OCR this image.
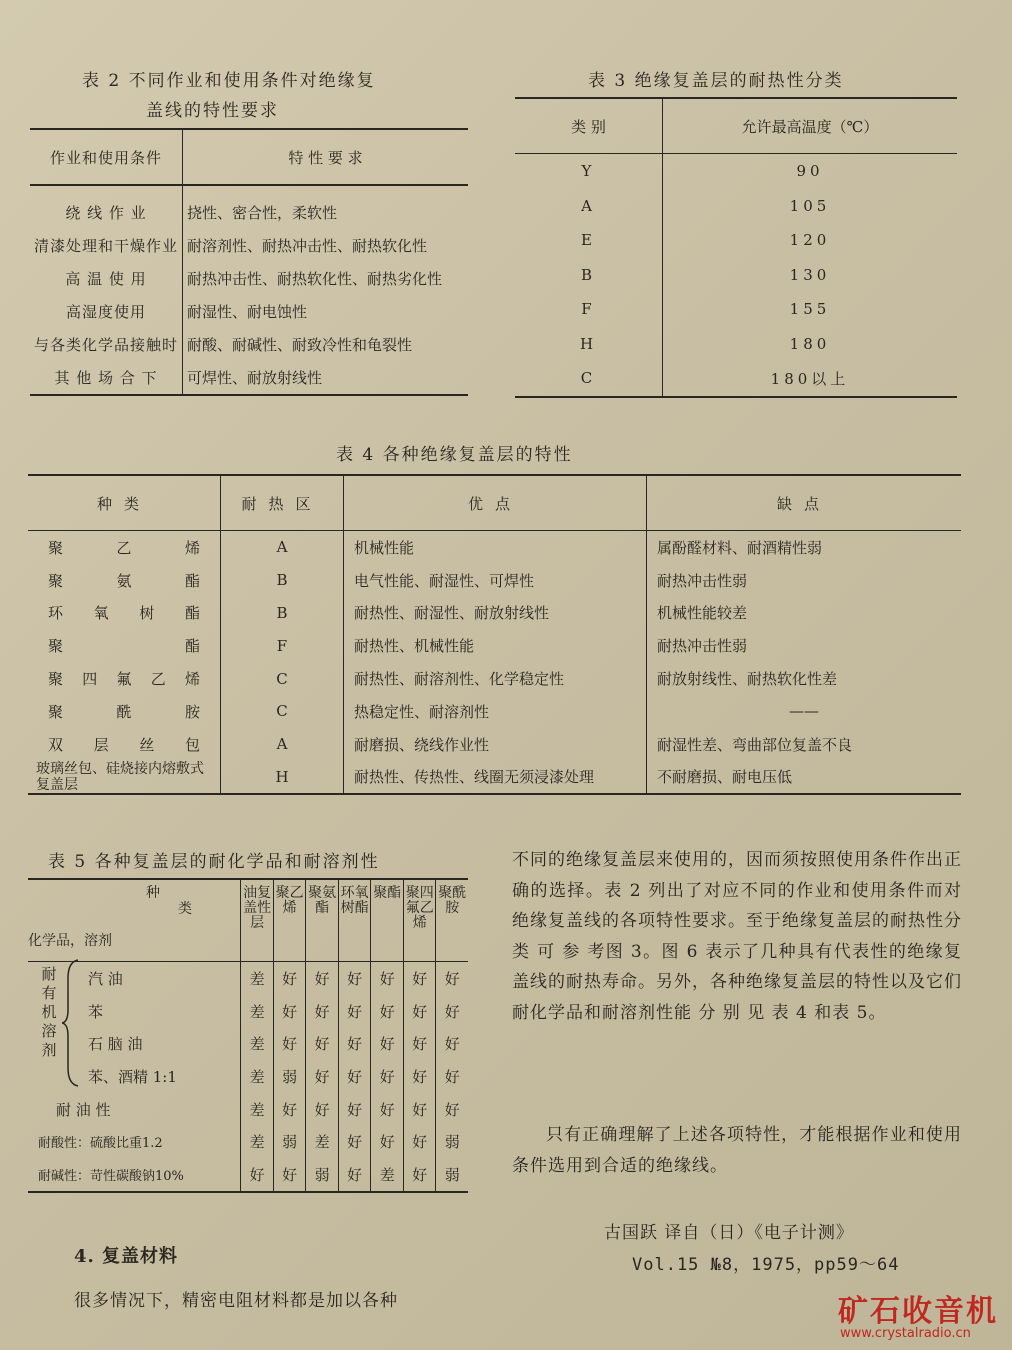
表 2 不同作业和使用条件对绝缘复
盖线的特性要求
作业和使用条件	特 性 要 求
绕 线 作 业	挠性、密合性，柔软性
清漆处理和干燥作业	耐溶剂性、耐热冲击性、耐热软化性
高 温 使 用	耐热冲击性、耐热软化性、耐热劣化性
高湿度使用	耐湿性、耐电蚀性
与各类化学品接触时	耐酸、耐碱性、耐致冷性和龟裂性
其 他 场 合 下	可焊性、耐放射线性
表 3 绝缘复盖层的耐热性分类
类 别	允许最高温度（℃）
Y	90
A	105
E	120
B	130
F	155
H	180
C	180以上
表 4 各种绝缘复盖层的特性
种类	耐热区	优点	缺点
聚乙烯	A	机械性能	属酚醛材料、耐酒精性弱
聚氨酯	B	电气性能、耐湿性、可焊性	耐热冲击性弱
环氧树酯	B	耐热性、耐湿性、耐放射线性	机械性能较差
聚酯	F	耐热性、机械性能	耐热冲击性弱
聚四氟乙烯	C	耐热性、耐溶剂性、化学稳定性	耐放射线性、耐热软化性差
聚酰胺	C	热稳定性、耐溶剂性	——
双层丝包	A	耐磨损、绕线作业性	耐湿性差、弯曲部位复盖不良
玻璃丝包、硅烧接内熔敷式复盖层	H	耐热性、传热性、线圈无须浸漆处理	不耐磨损、耐电压低
表 5 各种复盖层的耐化学品和耐溶剂性
种
类
化学品，溶剂	油复盖性层	聚乙烯	聚氨酯	环氧树酯	聚酯	聚四氟乙烯	聚酰胺
汽 油	差	好	好	好	好	好	好
苯	差	好	好	好	好	好	好
石 脑 油	差	好	好	好	好	好	好
苯、酒精 1:1	差	弱	好	好	好	好	好
耐 油 性	差	好	好	好	好	好	好
耐酸性：硫酸比重1.2	差	弱	差	好	好	好	弱
耐碱性：苛性碳酸钠10%	好	好	弱	好	差	好	弱
耐有机溶剂
不同的绝缘复盖层来使用的，因而须按照使用条件作出正确的选择。表 2 列出了对应不同的作业和使用条件而对绝缘复盖线的各项特性要求。至于绝缘复盖层的耐热性分类 可 参 考图 3。图 6 表示了几种具有代表性的绝缘复盖线的耐热寿命。另外，各种绝缘复盖层的特性以及它们耐化学品和耐溶剂性能 分 别 见 表 4 和表 5。
只有正确理解了上述各项特性，才能根据作业和使用条件选用到合适的绝缘线。
古国跃 译自（日）《电子计测》
Vol.15 №8，1975，pp59～64
4. 复盖材料
很多情况下，精密电阻材料都是加以各种	矿石收音机
www.crystalradio.cn
